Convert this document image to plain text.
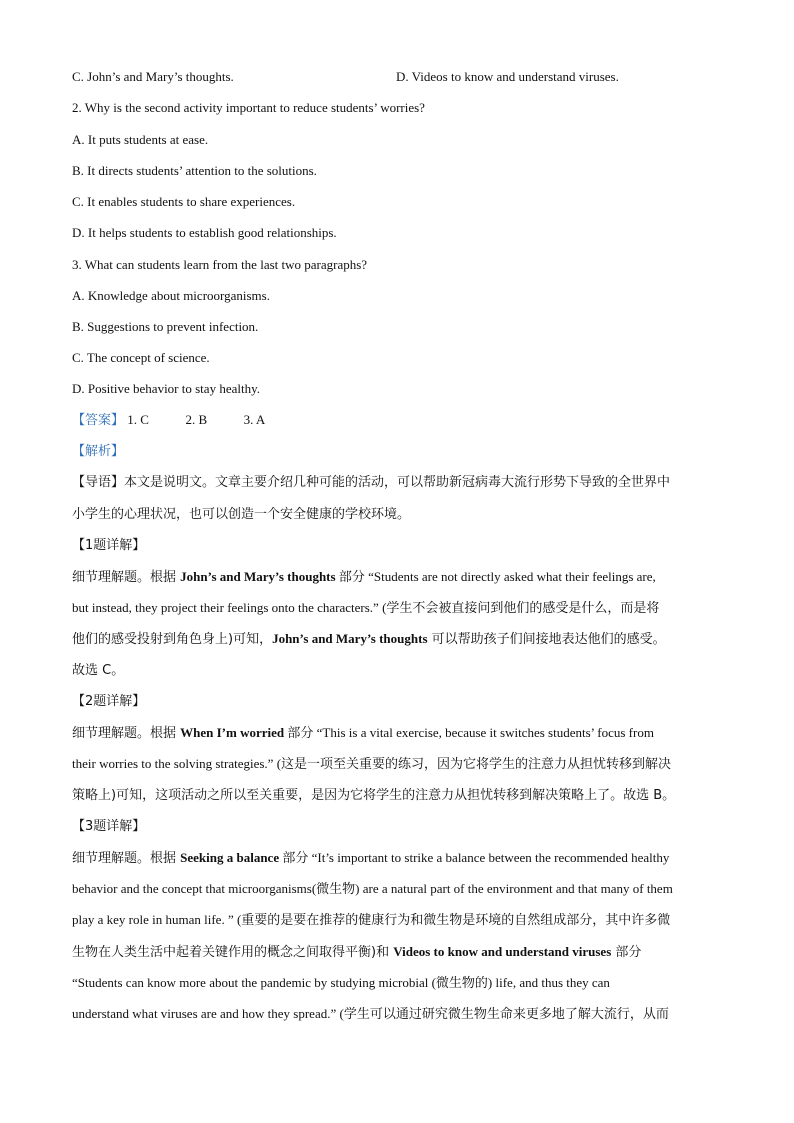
C. John’s and Mary’s thoughts.	D. Videos to know and understand viruses.
2. Why is the second activity important to reduce students’ worries?
A. It puts students at ease.
B. It directs students’ attention to the solutions.
C. It enables students to share experiences.
D. It helps students to establish good relationships.
3. What can students learn from the last two paragraphs?
A. Knowledge about microorganisms.
B. Suggestions to prevent infection.
C. The concept of science.
D. Positive behavior to stay healthy.
【答案】 1. C	2. B	3. A
【解析】
【导语】本文是说明文。文章主要介绍几种可能的活动，可以帮助新冠病毒大流行形势下导致的全世界中
小学生的心理状况，也可以创造一个安全健康的学校环境。
【1题详解】
细节理解题。根据 John’s and Mary’s thoughts 部分 “Students are not directly asked what their feelings are,
but instead, they project their feelings onto the characters.” (学生不会被直接问到他们的感受是什么，而是将
他们的感受投射到角色身上)可知，John’s and Mary’s thoughts 可以帮助孩子们间接地表达他们的感受。
故选 C。
【2题详解】
细节理解题。根据 When I’m worried 部分 “This is a vital exercise, because it switches students’ focus from
their worries to the solving strategies.” (这是一项至关重要的练习，因为它将学生的注意力从担忧转移到解决
策略上)可知，这项活动之所以至关重要，是因为它将学生的注意力从担忧转移到解决策略上了。故选 B。
【3题详解】
细节理解题。根据 Seeking a balance 部分 “It’s important to strike a balance between the recommended healthy
behavior and the concept that microorganisms(微生物) are a natural part of the environment and that many of them
play a key role in human life. ” (重要的是要在推荐的健康行为和微生物是环境的自然组成部分，其中许多微
生物在人类生活中起着关键作用的概念之间取得平衡)和 Videos to know and understand viruses 部分
“Students can know more about the pandemic by studying microbial (微生物的) life, and thus they can
understand what viruses are and how they spread.” (学生可以通过研究微生物生命来更多地了解大流行，从而
